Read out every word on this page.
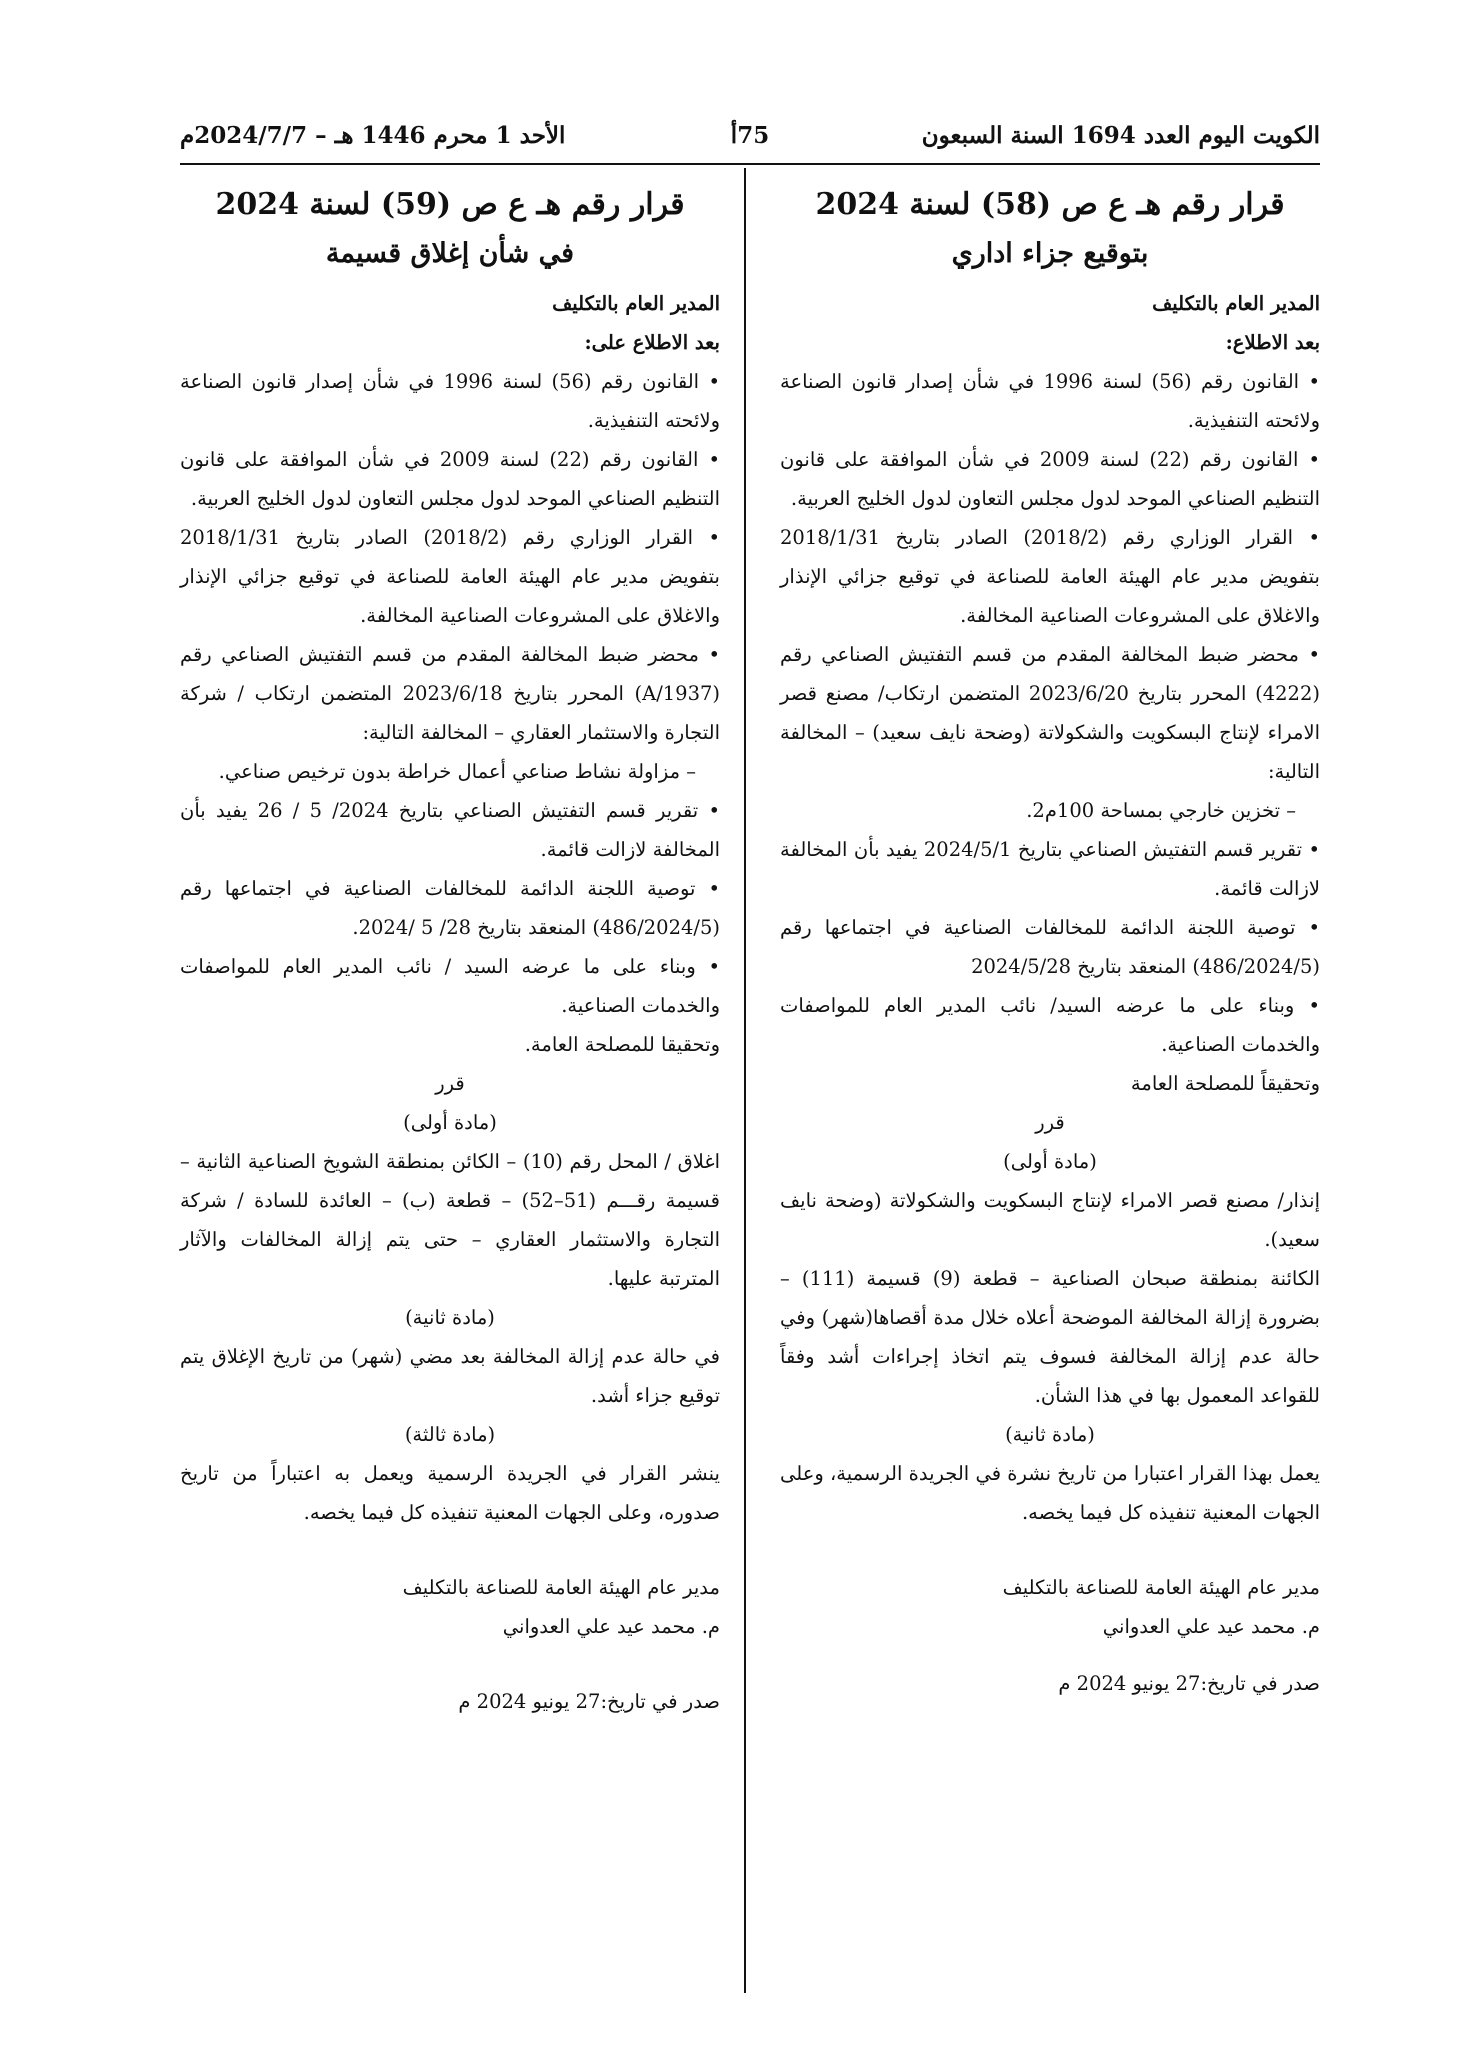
الكويت اليوم العدد 1694 السنة السبعون
75أ
الأحد 1 محرم 1446 هـ – 2024/7/7م
قرار رقم هـ ع ص (58) لسنة 2024
بتوقيع جزاء اداري

المدير العام بالتكليف

بعد الاطلاع:

• القانون رقم (56) لسنة 1996 في شأن إصدار قانون الصناعة ولائحته التنفيذية.

• القانون رقم (22) لسنة 2009 في شأن الموافقة على قانون التنظيم الصناعي الموحد لدول مجلس التعاون لدول الخليج العربية.

• القرار الوزاري رقم (2018/2) الصادر بتاريخ 2018/1/31 بتفويض مدير عام الهيئة العامة للصناعة في توقيع جزائي الإنذار والاغلاق على المشروعات الصناعية المخالفة.

• محضر ضبط المخالفة المقدم من قسم التفتيش الصناعي رقم (4222) المحرر بتاريخ 2023/6/20 المتضمن ارتكاب/ مصنع قصر الامراء لإنتاج البسكويت والشكولاتة (وضحة نايف سعيد) – المخالفة التالية:

– تخزين خارجي بمساحة 100م2.

• تقرير قسم التفتيش الصناعي بتاريخ 2024/5/1 يفيد بأن المخالفة لازالت قائمة.

• توصية اللجنة الدائمة للمخالفات الصناعية في اجتماعها رقم (486/2024/5) المنعقد بتاريخ 2024/5/28

• وبناء على ما عرضه السيد/ نائب المدير العام للمواصفات والخدمات الصناعية.

وتحقيقاً للمصلحة العامة

قرر

(مادة أولى)

إنذار/ مصنع قصر الامراء لإنتاج البسكويت والشكولاتة (وضحة نايف سعيد).

الكائنة بمنطقة صبحان الصناعية – قطعة (9) قسيمة (111) – بضرورة إزالة المخالفة الموضحة أعلاه خلال مدة أقصاها(شهر) وفي حالة عدم إزالة المخالفة فسوف يتم اتخاذ إجراءات أشد وفقاً للقواعد المعمول بها في هذا الشأن.

(مادة ثانية)

يعمل بهذا القرار اعتبارا من تاريخ نشرة في الجريدة الرسمية، وعلى الجهات المعنية تنفيذه كل فيما يخصه.

مدير عام الهيئة العامة للصناعة بالتكليف

م. محمد عيد علي العدواني

صدر في تاريخ:27 يونيو 2024 م

قرار رقم هـ ع ص (59) لسنة 2024
في شأن إغلاق قسيمة

المدير العام بالتكليف

بعد الاطلاع على:

• القانون رقم (56) لسنة 1996 في شأن إصدار قانون الصناعة ولائحته التنفيذية.

• القانون رقم (22) لسنة 2009 في شأن الموافقة على قانون التنظيم الصناعي الموحد لدول مجلس التعاون لدول الخليج العربية.

• القرار الوزاري رقم (2018/2) الصادر بتاريخ 2018/1/31 بتفويض مدير عام الهيئة العامة للصناعة في توقيع جزائي الإنذار والاغلاق على المشروعات الصناعية المخالفة.

• محضر ضبط المخالفة المقدم من قسم التفتيش الصناعي رقم (A/1937) المحرر بتاريخ 2023/6/18 المتضمن ارتكاب / شركة التجارة والاستثمار العقاري – المخالفة التالية:

– مزاولة نشاط صناعي أعمال خراطة بدون ترخيص صناعي.

• تقرير قسم التفتيش الصناعي بتاريخ 2024/ 5 / 26 يفيد بأن المخالفة لازالت قائمة.

• توصية اللجنة الدائمة للمخالفات الصناعية في اجتماعها رقم (486/2024/5) المنعقد بتاريخ 28/ 5 /2024.

• وبناء على ما عرضه السيد / نائب المدير العام للمواصفات والخدمات الصناعية.

وتحقيقا للمصلحة العامة.

قرر

(مادة أولى)

اغلاق / المحل رقم (10) – الكائن بمنطقة الشويخ الصناعية الثانية – قسيمة رقـــم (51–52) – قطعة (ب) – العائدة للسادة / شركة التجارة والاستثمار العقاري – حتى يتم إزالة المخالفات والآثار المترتبة عليها.

(مادة ثانية)

في حالة عدم إزالة المخالفة بعد مضي (شهر) من تاريخ الإغلاق يتم توقيع جزاء أشد.

(مادة ثالثة)

ينشر القرار في الجريدة الرسمية ويعمل به اعتباراً من تاريخ صدوره، وعلى الجهات المعنية تنفيذه كل فيما يخصه.

مدير عام الهيئة العامة للصناعة بالتكليف

م. محمد عيد علي العدواني

صدر في تاريخ:27 يونيو 2024 م
